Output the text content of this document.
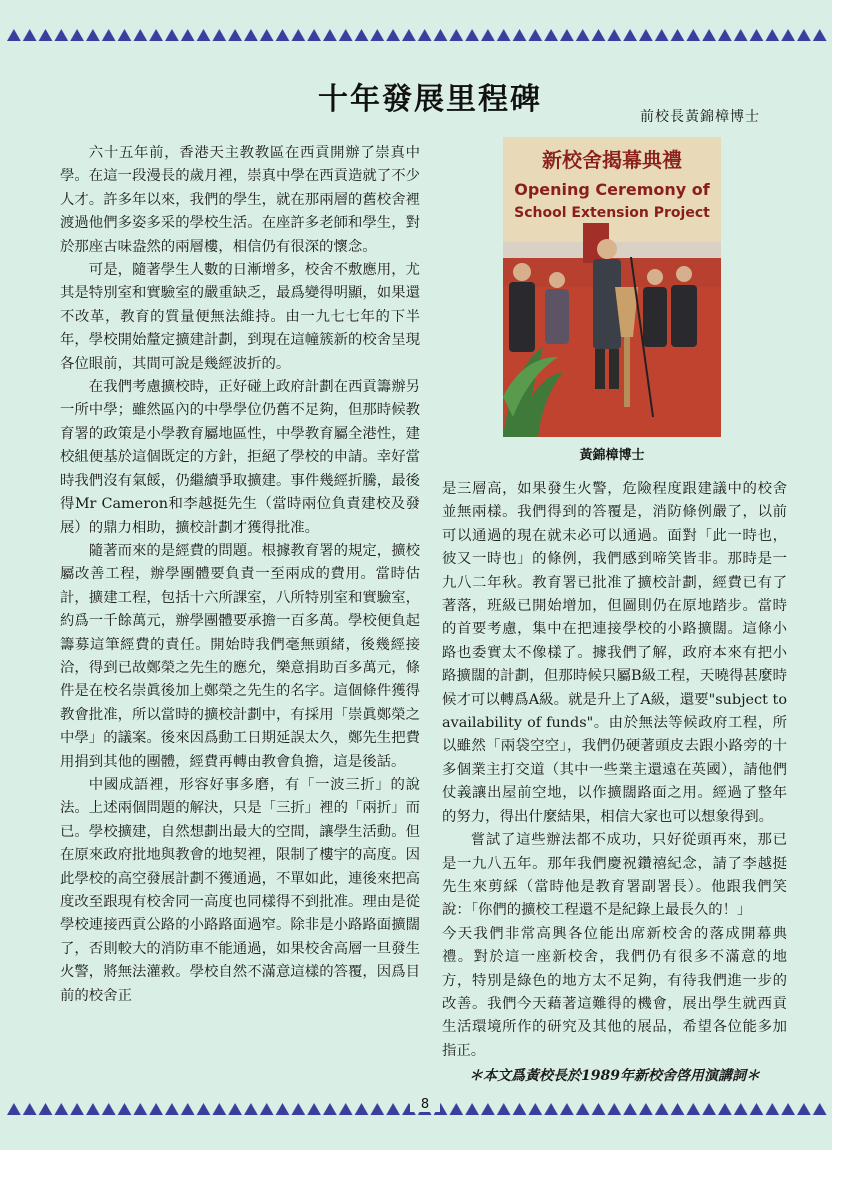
十年發展里程碑	前校長黃錦樟博士

六十五年前，香港天主教教區在西貢開辦了崇真中學。在這一段漫長的歲月裡，崇真中學在西貢造就了不少人才。許多年以來，我們的學生，就在那兩層的舊校舍裡渡過他們多姿多采的學校生活。在座許多老師和學生，對於那座古味盎然的兩層樓，相信仍有很深的懷念。

可是，隨著學生人數的日漸增多，校舍不敷應用，尤其是特別室和實驗室的嚴重缺乏，最爲變得明顯，如果還不改革，教育的質量便無法維持。由一九七七年的下半年，學校開始釐定擴建計劃，到現在這幢簇新的校舍呈現各位眼前，其間可說是幾經波折的。

在我們考慮擴校時，正好碰上政府計劃在西貢籌辦另一所中學；雖然區內的中學學位仍舊不足夠，但那時候教育署的政策是小學教育屬地區性，中學教育屬全港性，建校組便基於這個既定的方針，拒絕了學校的申請。幸好當時我們沒有氣餒，仍繼續爭取擴建。事件幾經折騰，最後得Mr Cameron和李越挺先生（當時兩位負責建校及發展）的鼎力相助，擴校計劃才獲得批准。

隨著而來的是經費的問題。根據教育署的規定，擴校屬改善工程，辦學團體要負責一至兩成的費用。當時估計，擴建工程，包括十六所課室，八所特別室和實驗室，約爲一千餘萬元，辦學團體要承擔一百多萬。學校便負起籌募這筆經費的責任。開始時我們毫無頭緒，後幾經接洽，得到已故鄭榮之先生的應允，樂意捐助百多萬元，條件是在校名崇眞後加上鄭榮之先生的名字。這個條件獲得教會批准，所以當時的擴校計劃中，有採用「崇眞鄭榮之中學」的議案。後來因爲動工日期延誤太久，鄭先生把費用捐到其他的團體，經費再轉由教會負擔，這是後話。

中國成語裡，形容好事多磨，有「一波三折」的說法。上述兩個問題的解決，只是「三折」裡的「兩折」而已。學校擴建，自然想劃出最大的空間，讓學生活動。但在原來政府批地與教會的地契裡，限制了樓宇的高度。因此學校的高空發展計劃不獲通過，不單如此，連後來把高度改至跟現有校舍同一高度也同樣得不到批准。理由是從學校連接西貢公路的小路路面過窄。除非是小路路面擴闊了，否則較大的消防車不能通過，如果校舍高層一旦發生火警，將無法灌救。學校自然不滿意這樣的答覆，因爲目前的校舍正

新校舍揭幕典禮
Opening Ceremony of
School Extension Project
黃錦樟博士

是三層高，如果發生火警，危險程度跟建議中的校舍並無兩樣。我們得到的答覆是，消防條例嚴了，以前可以通過的現在就未必可以通過。面對「此一時也，彼又一時也」的條例，我們感到啼笑皆非。那時是一九八二年秋。教育署已批准了擴校計劃，經費已有了著落，班級已開始增加，但圖則仍在原地踏步。當時的首要考慮，集中在把連接學校的小路擴闊。這條小路也委實太不像樣了。據我們了解，政府本來有把小路擴闊的計劃，但那時候只屬B級工程，天曉得甚麼時候才可以轉爲A級。就是升上了A級，還要"subject to availability of funds"。由於無法等候政府工程，所以雖然「兩袋空空」，我們仍硬著頭皮去跟小路旁的十多個業主打交道（其中一些業主還遠在英國），請他們仗義讓出屋前空地，以作擴闊路面之用。經過了整年的努力，得出什麼結果，相信大家也可以想象得到。

嘗試了這些辦法都不成功，只好從頭再來，那已是一九八五年。那年我們慶祝鑽禧紀念，請了李越挺先生來剪綵（當時他是教育署副署長）。他跟我們笑說：「你們的擴校工程還不是紀錄上最長久的！」

今天我們非常高興各位能出席新校舍的落成開幕典禮。對於這一座新校舍，我們仍有很多不滿意的地方，特別是綠色的地方太不足夠，有待我們進一步的改善。我們今天藉著這難得的機會，展出學生就西貢生活環境所作的研究及其他的展品，希望各位能多加指正。

＊本文爲黃校長於1989年新校舍啓用演講詞＊

8
